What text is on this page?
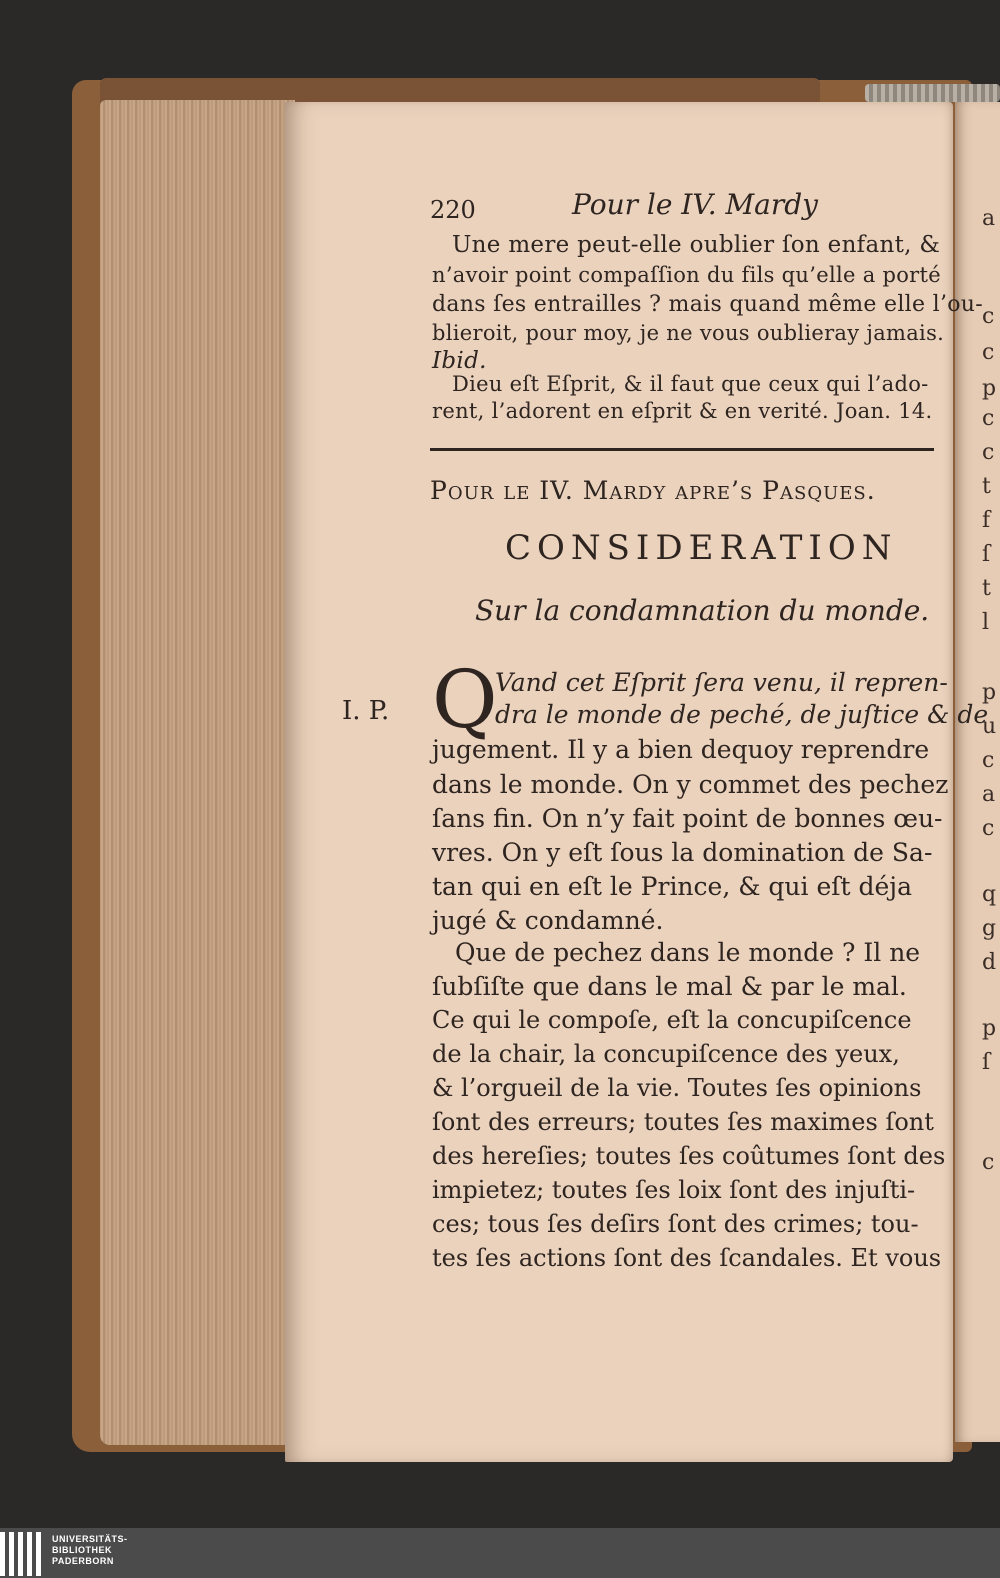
220	Pour le IV. Mardy
Une mere peut-elle oublier ſon enfant, &
n’avoir point compaſſion du fils qu’elle a porté
dans ſes entrailles ? mais quand même elle l’ou-
blieroit, pour moy, je ne vous oublieray jamais.
Ibid.
Dieu eſt Eſprit, & il faut que ceux qui l’ado-
rent, l’adorent en eſprit & en verité. Joan. 14.
Pour le IV. Mardy apre’s Pasques.
CONSIDERATION
Sur la condamnation du monde.
I. P. Q
Vand cet Eſprit ſera venu, il repren-
dra le monde de peché, de juſtice & de
jugement. Il y a bien dequoy reprendre
dans le monde. On y commet des pechez
ſans fin. On n’y fait point de bonnes œu-
vres. On y eſt ſous la domination de Sa-
tan qui en eſt le Prince, & qui eſt déja
jugé & condamné.
Que de pechez dans le monde ? Il ne
ſubſiſte que dans le mal & par le mal.
Ce qui le compoſe, eſt la concupiſcence
de la chair, la concupiſcence des yeux,
& l’orgueil de la vie. Toutes ſes opinions
ſont des erreurs; toutes ſes maximes ſont
des hereſies; toutes ſes coûtumes ſont des
impietez; toutes ſes loix ſont des injuſti-
ces; tous ſes deſirs ſont des crimes; tou-
tes ſes actions ſont des ſcandales. Et vous
a
c
c
c
p
c
t
f
ſ
t
l
p
u
c
a
c
q
g
d
p
ſ
c
UNIVERSITÄTS-
BIBLIOTHEK
PADERBORN
